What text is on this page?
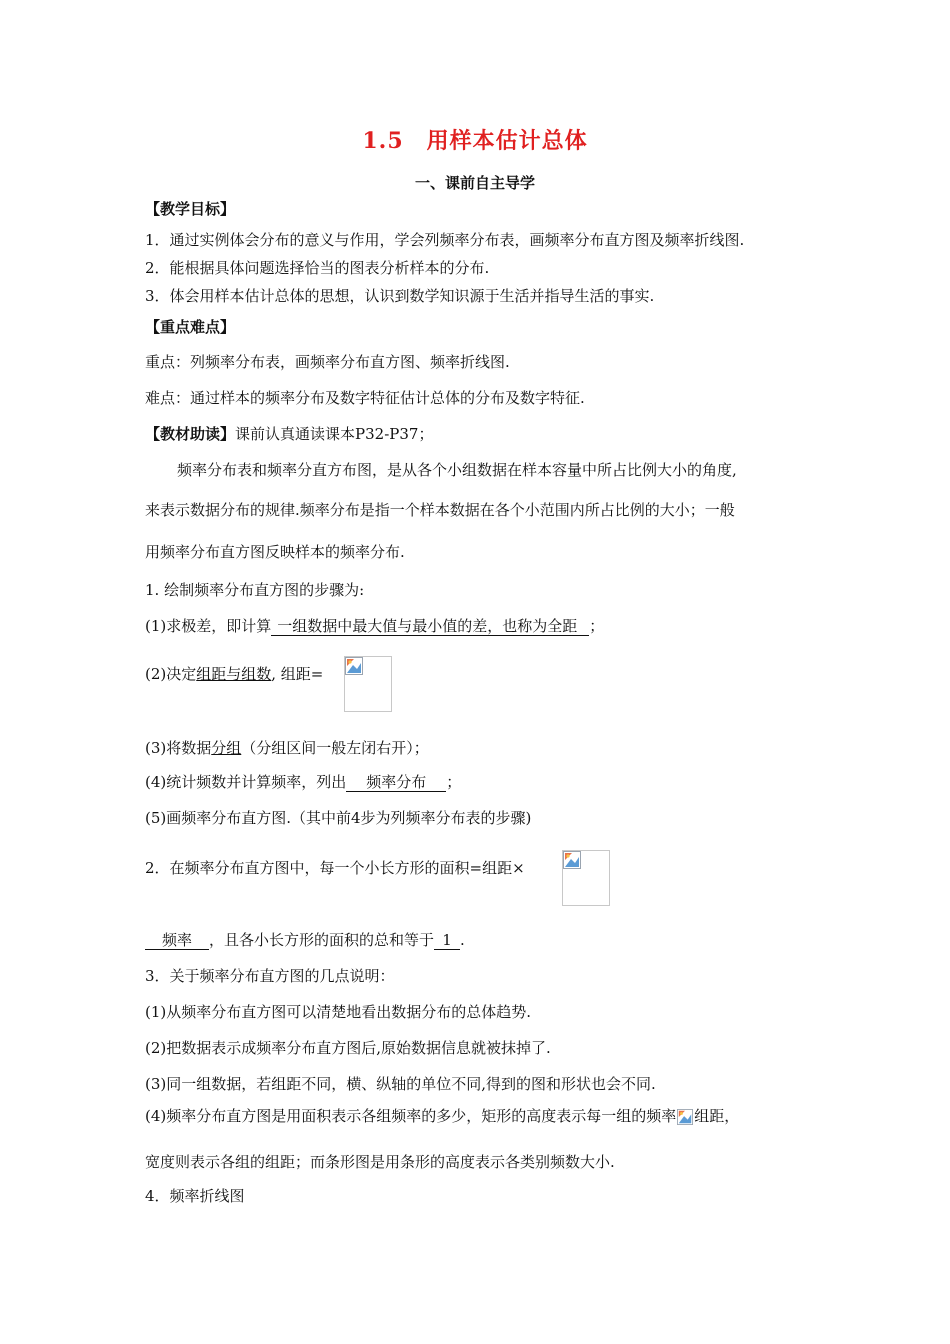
1.5　用样本估计总体
一、课前自主导学
【教学目标】
1．通过实例体会分布的意义与作用，学会列频率分布表，画频率分布直方图及频率折线图.
2．能根据具体问题选择恰当的图表分析样本的分布.
3．体会用样本估计总体的思想，认识到数学知识源于生活并指导生活的事实.
【重点难点】
重点：列频率分布表，画频率分布直方图、频率折线图.
难点：通过样本的频率分布及数字特征估计总体的分布及数字特征.
【教材助读】课前认真通读课本P32-P37；
频率分布表和频率分直方布图，是从各个小组数据在样本容量中所占比例大小的角度,
来表示数据分布的规律.频率分布是指一个样本数据在各个小范围内所占比例的大小；一般
用频率分布直方图反映样本的频率分布.
1. 绘制频率分布直方图的步骤为:
(1)求极差，即计算 一组数据中最大值与最小值的差，也称为全距 ；
(2)决定组距与组数, 组距=
(3)将数据分组（分组区间一般左闭右开）；
(4)统计频数并计算频率，列出 频率分布 ；
(5)画频率分布直方图.（其中前4步为列频率分布表的步骤)
2．在频率分布直方图中，每一个小长方形的面积=组距×
频率 ，且各小长方形的面积的总和等于 1 .
3．关于频率分布直方图的几点说明：
(1)从频率分布直方图可以清楚地看出数据分布的总体趋势.
(2)把数据表示成频率分布直方图后,原始数据信息就被抹掉了.
(3)同一组数据，若组距不同，横、纵轴的单位不同,得到的图和形状也会不同.
(4)频率分布直方图是用面积表示各组频率的多少，矩形的高度表示每一组的频率 组距，
宽度则表示各组的组距；而条形图是用条形的高度表示各类别频数大小.
4．频率折线图
